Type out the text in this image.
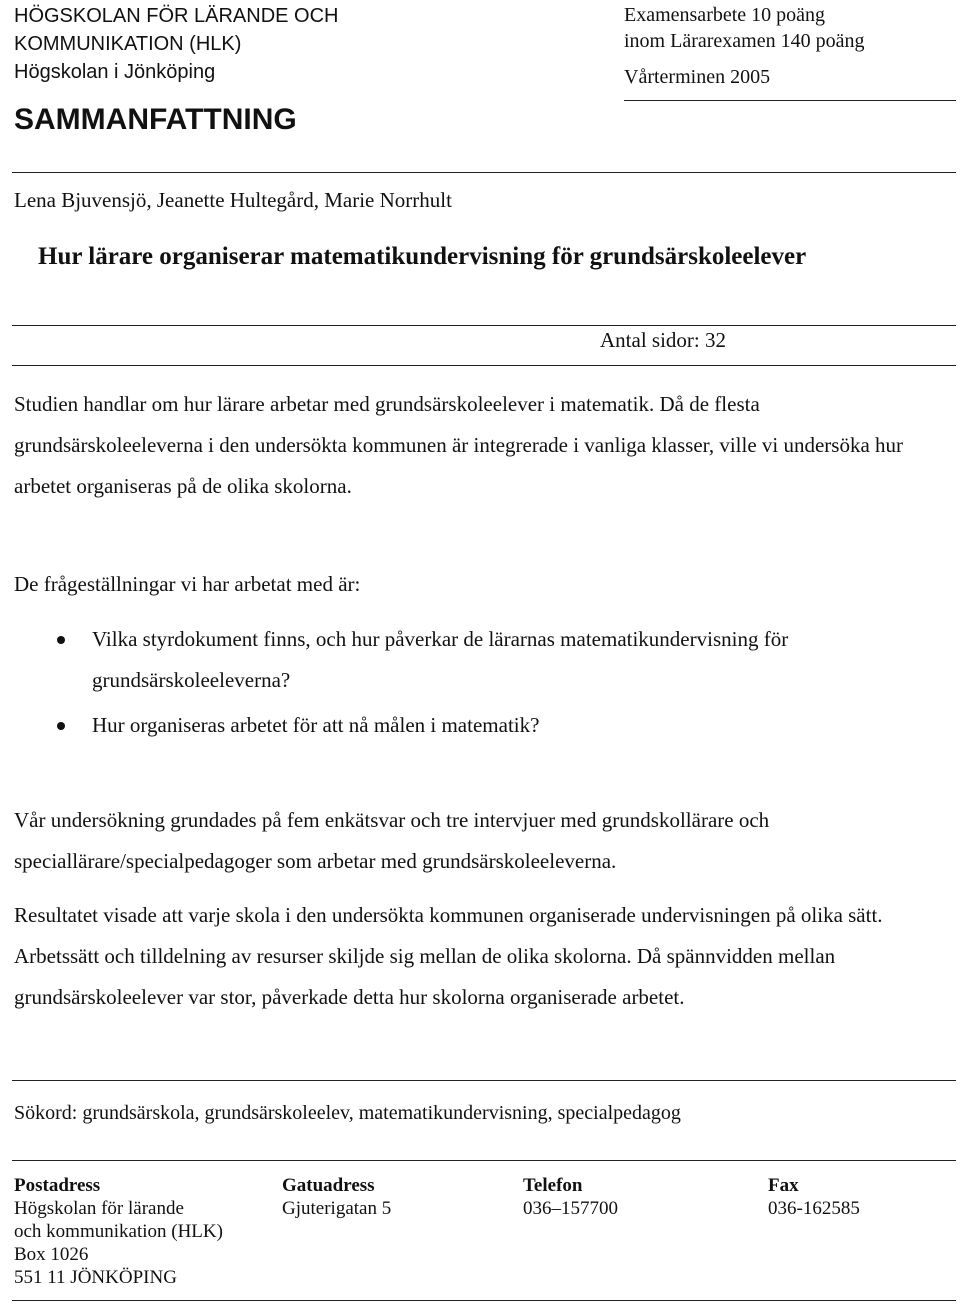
HÖGSKOLAN FÖR LÄRANDE OCH
KOMMUNIKATION (HLK)
Högskolan i Jönköping
Examensarbete 10 poäng
inom Lärarexamen 140 poäng
Vårterminen 2005
SAMMANFATTNING
Lena Bjuvensjö, Jeanette Hultegård, Marie Norrhult
Hur lärare organiserar matematikundervisning för grundsärskoleelever
Antal sidor: 32
Studien handlar om hur lärare arbetar med grundsärskoleelever i matematik. Då de flesta grundsärskoleeleverna i den undersökta kommunen är integrerade i vanliga klasser, ville vi undersöka hur arbetet organiseras på de olika skolorna.
De frågeställningar vi har arbetat med är:
Vilka styrdokument finns, och hur påverkar de lärarnas matematikundervisning för grundsärskoleeleverna?
Hur organiseras arbetet för att nå målen i matematik?
Vår undersökning grundades på fem enkätsvar och tre intervjuer med grundskollärare och speciallärare/specialpedagoger som arbetar med grundsärskoleeleverna.
Resultatet visade att varje skola i den undersökta kommunen organiserade undervisningen på olika sätt. Arbetssätt och tilldelning av resurser skiljde sig mellan de olika skolorna. Då spännvidden mellan grundsärskoleelever var stor, påverkade detta hur skolorna organiserade arbetet.
Sökord: grundsärskola, grundsärskoleelev, matematikundervisning, specialpedagog
Postadress
Högskolan för lärande
och kommunikation (HLK)
Box 1026
551 11 JÖNKÖPING
Gatuadress
Gjuterigatan 5
Telefon
036–157700
Fax
036-162585
